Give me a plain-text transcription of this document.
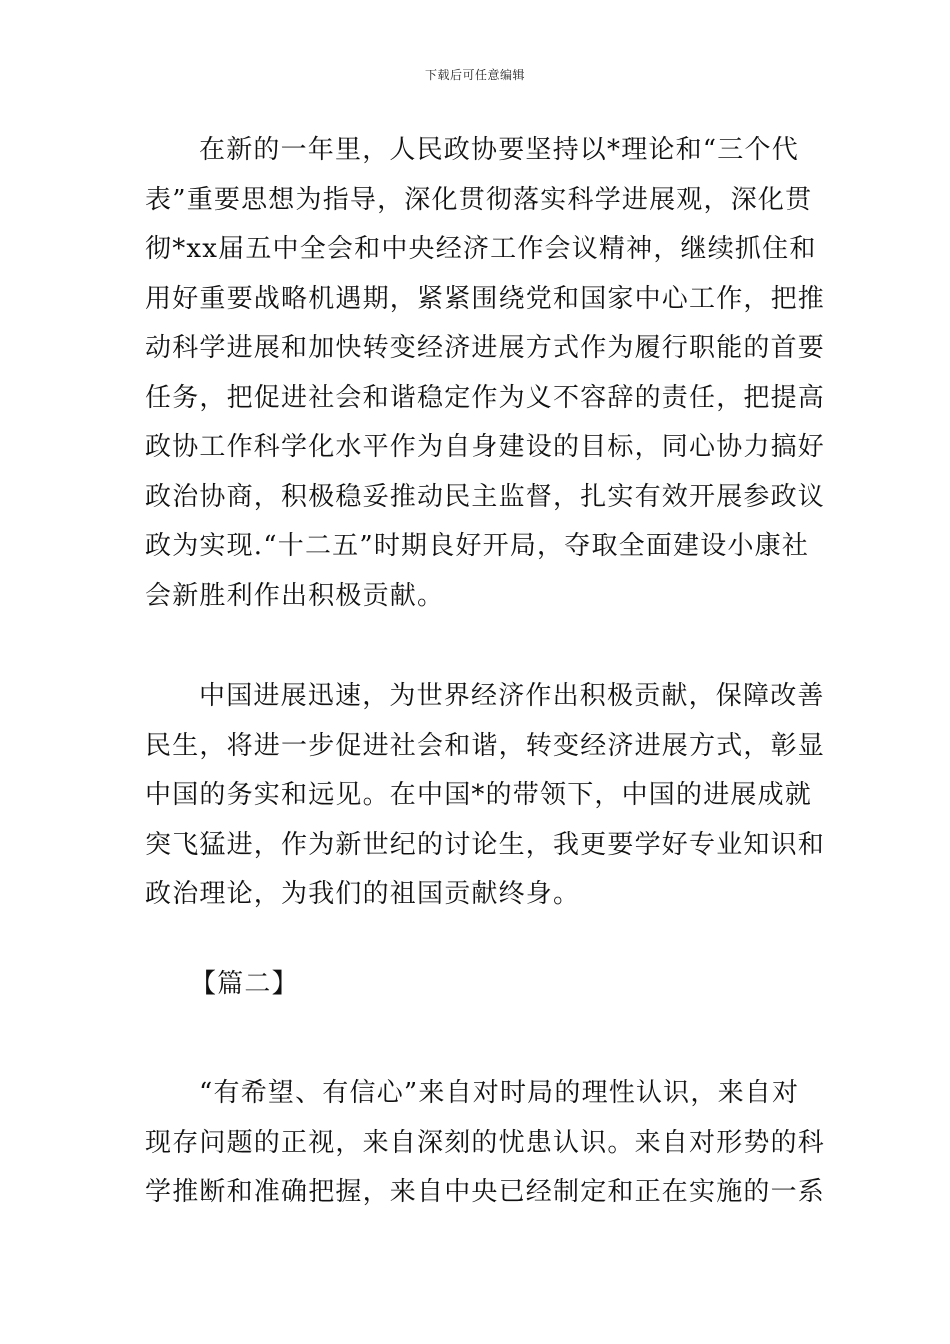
下载后可任意编辑

在新的一年里，人民政协要坚持以*理论和“三个代表”重要思想为指导，深化贯彻落实科学进展观，深化贯彻*xx届五中全会和中央经济工作会议精神，继续抓住和用好重要战略机遇期，紧紧围绕党和国家中心工作，把推动科学进展和加快转变经济进展方式作为履行职能的首要任务，把促进社会和谐稳定作为义不容辞的责任，把提高政协工作科学化水平作为自身建设的目标，同心协力搞好政治协商，积极稳妥推动民主监督，扎实有效开展参政议政为实现.“十二五”时期良好开局，夺取全面建设小康社会新胜利作出积极贡献。

中国进展迅速，为世界经济作出积极贡献，保障改善民生，将进一步促进社会和谐，转变经济进展方式，彰显中国的务实和远见。在中国*的带领下，中国的进展成就突飞猛进，作为新世纪的讨论生，我更要学好专业知识和政治理论，为我们的祖国贡献终身。

【篇二】

“有希望、有信心”来自对时局的理性认识，来自对现存问题的正视，来自深刻的忧患认识。来自对形势的科学推断和准确把握，来自中央已经制定和正在实施的一系
